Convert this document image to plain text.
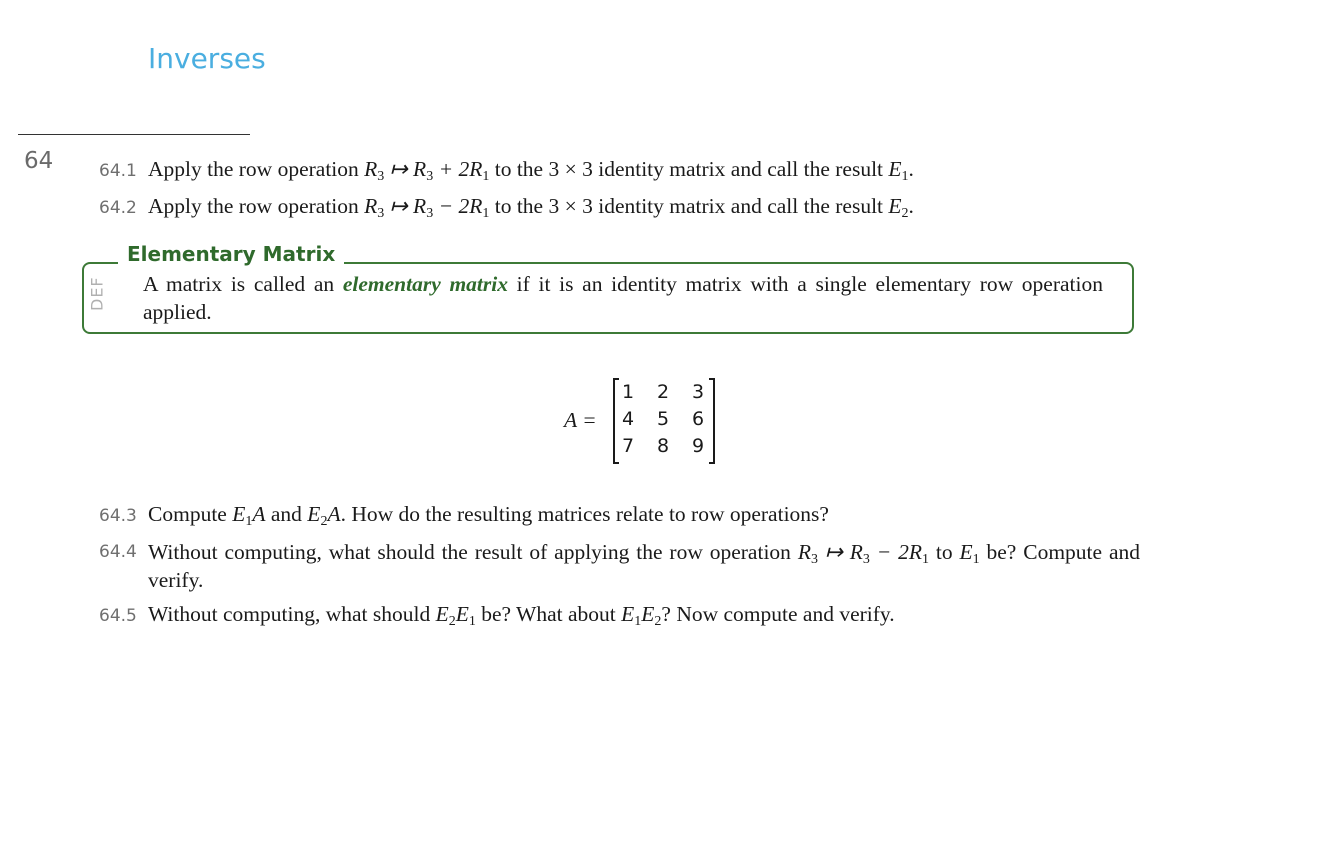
Inverses
64	64.1 Apply the row operation $R_3$ ↦ $R_3 + 2R_1$ to the 3 × 3 identity matrix and call the result $E_1$.
64.2 Apply the row operation $R_3$ ↦ $R_3 - 2R_1$ to the 3 × 3 identity matrix and call the result $E_2$.
Elementary Matrix
DEF A matrix is called an elementary matrix if it is an identity matrix with a single elementary row operation applied.
A =
1	2	3
4	5	6
7	8	9
64.3 Compute $E_1A$ and $E_2A$. How do the resulting matrices relate to row operations?
64.4 Without computing, what should the result of applying the row operation $R_3$ ↦ $R_3 - 2R_1$ to $E_1$ be? Compute and verify.
64.5 Without computing, what should $E_2E_1$ be? What about $E_1E_2$? Now compute and verify.
